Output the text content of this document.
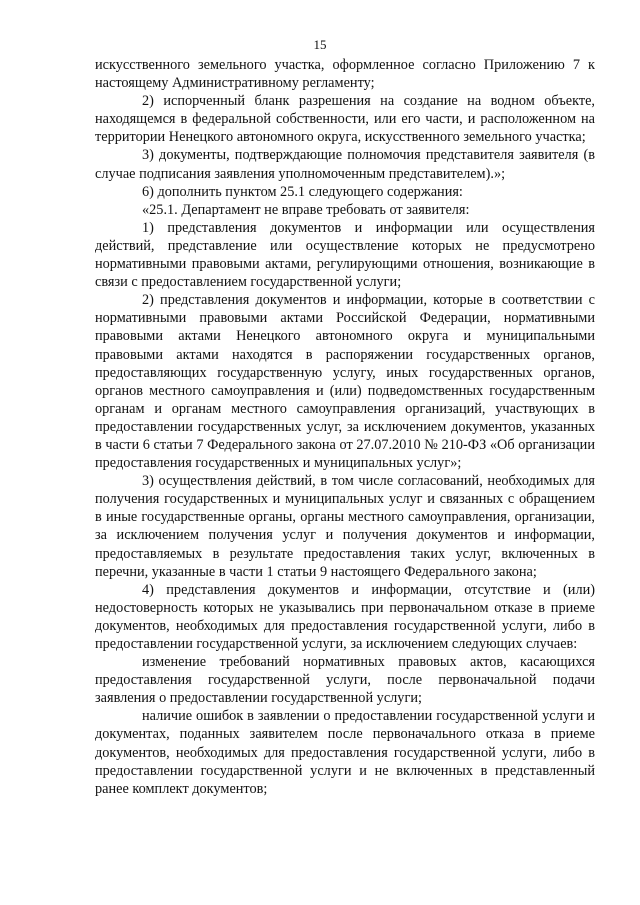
15

искусственного земельного участка, оформленное согласно Приложению 7 к настоящему Административному регламенту;

2) испорченный бланк разрешения на создание на водном объекте, находящемся в федеральной собственности, или его части, и расположенном на территории Ненецкого автономного округа, искусственного земельного участка;

3) документы, подтверждающие полномочия представителя заявителя (в случае подписания заявления уполномоченным представителем).»;

6) дополнить пунктом 25.1 следующего содержания:

«25.1. Департамент не вправе требовать от заявителя:

1) представления документов и информации или осуществления действий, представление или осуществление которых не предусмотрено нормативными правовыми актами, регулирующими отношения, возникающие в связи с предоставлением государственной услуги;

2) представления документов и информации, которые в соответствии с нормативными правовыми актами Российской Федерации, нормативными правовыми актами Ненецкого автономного округа и муниципальными правовыми актами находятся в распоряжении государственных органов, предоставляющих государственную услугу, иных государственных органов, органов местного самоуправления и (или) подведомственных государственным органам и органам местного самоуправления организаций, участвующих в предоставлении государственных услуг, за исключением документов, указанных в части 6 статьи 7 Федерального закона от 27.07.2010 № 210-ФЗ «Об организации предоставления государственных и муниципальных услуг»;

3) осуществления действий, в том числе согласований, необходимых для получения государственных и муниципальных услуг и связанных с обращением в иные государственные органы, органы местного самоуправления, организации, за исключением получения услуг и получения документов и информации, предоставляемых в результате предоставления таких услуг, включенных в перечни, указанные в части 1 статьи 9 настоящего Федерального закона;

4) представления документов и информации, отсутствие и (или) недостоверность которых не указывались при первоначальном отказе в приеме документов, необходимых для предоставления государственной услуги, либо в предоставлении государственной услуги, за исключением следующих случаев:

изменение требований нормативных правовых актов, касающихся предоставления государственной услуги, после первоначальной подачи заявления о предоставлении государственной услуги;

наличие ошибок в заявлении о предоставлении государственной услуги и документах, поданных заявителем после первоначального отказа в приеме документов, необходимых для предоставления государственной услуги, либо в предоставлении государственной услуги и не включенных в представленный ранее комплект документов;
